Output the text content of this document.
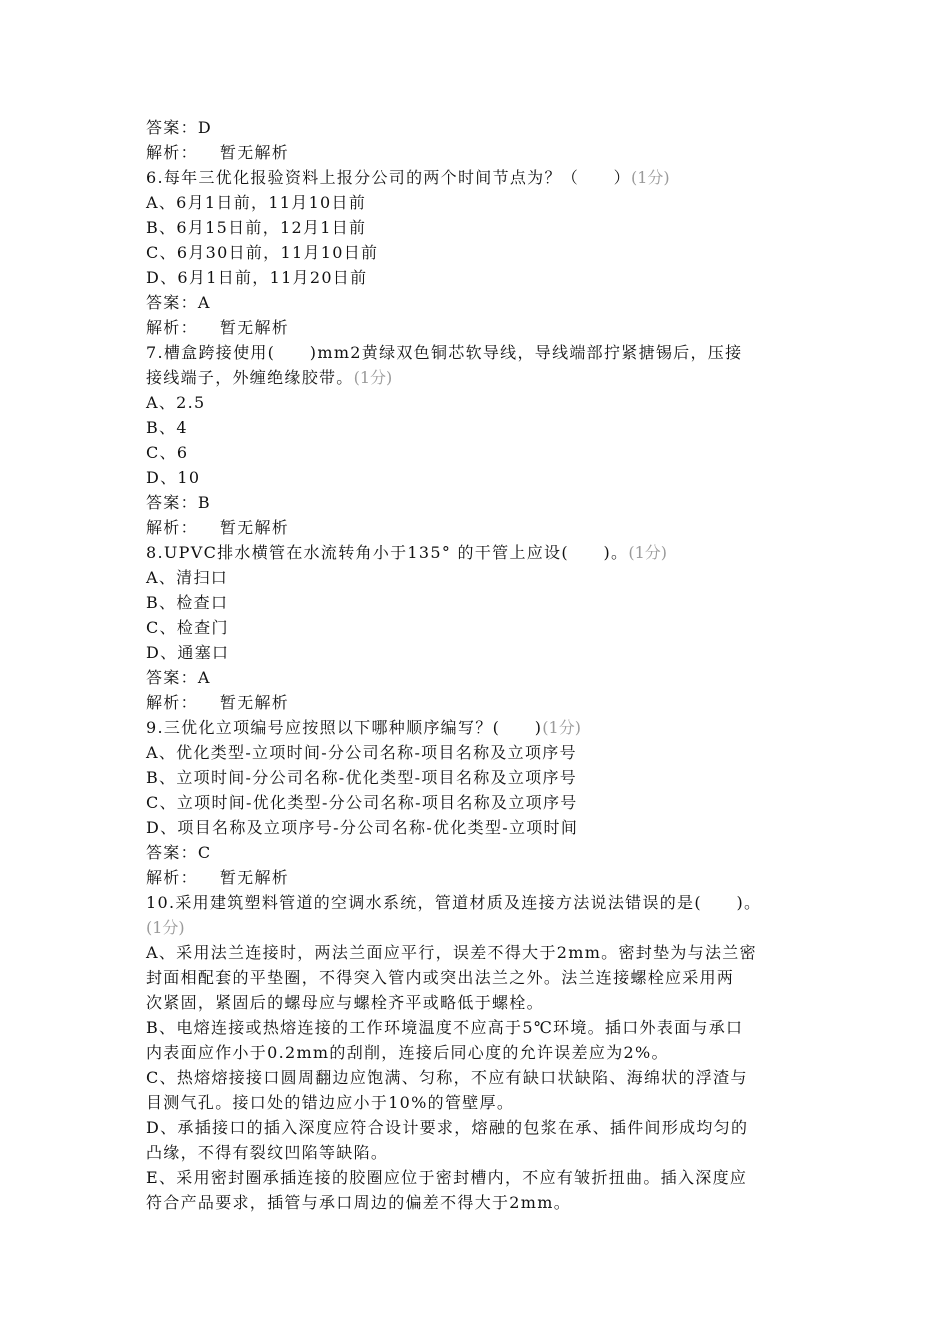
答案：D
解析： 暂无解析
6.每年三优化报验资料上报分公司的两个时间节点为？（　　）(1分)
A、6月1日前，11月10日前
B、6月15日前，12月1日前
C、6月30日前，11月10日前
D、6月1日前，11月20日前
答案：A
解析： 暂无解析
7.槽盒跨接使用(　　)mm2黄绿双色铜芯软导线，导线端部拧紧搪锡后，压接
接线端子，外缠绝缘胶带。(1分)
A、2.5
B、4
C、6
D、10
答案：B
解析： 暂无解析
8.UPVC排水横管在水流转角小于135° 的干管上应设(　　)。(1分)
A、清扫口
B、检查口
C、检查门
D、通塞口
答案：A
解析： 暂无解析
9.三优化立项编号应按照以下哪种顺序编写？(　　)(1分)
A、优化类型-立项时间-分公司名称-项目名称及立项序号
B、立项时间-分公司名称-优化类型-项目名称及立项序号
C、立项时间-优化类型-分公司名称-项目名称及立项序号
D、项目名称及立项序号-分公司名称-优化类型-立项时间
答案：C
解析： 暂无解析
10.采用建筑塑料管道的空调水系统，管道材质及连接方法说法错误的是(　　)。
(1分)
A、采用法兰连接时，两法兰面应平行，误差不得大于2mm。密封垫为与法兰密
封面相配套的平垫圈，不得突入管内或突出法兰之外。法兰连接螺栓应采用两
次紧固，紧固后的螺母应与螺栓齐平或略低于螺栓。
B、电熔连接或热熔连接的工作环境温度不应高于5℃环境。插口外表面与承口
内表面应作小于0.2mm的刮削，连接后同心度的允许误差应为2%。
C、热熔熔接接口圆周翻边应饱满、匀称，不应有缺口状缺陷、海绵状的浮渣与
目测气孔。接口处的错边应小于10%的管壁厚。
D、承插接口的插入深度应符合设计要求，熔融的包浆在承、插件间形成均匀的
凸缘，不得有裂纹凹陷等缺陷。
E、采用密封圈承插连接的胶圈应位于密封槽内，不应有皱折扭曲。插入深度应
符合产品要求，插管与承口周边的偏差不得大于2mm。
